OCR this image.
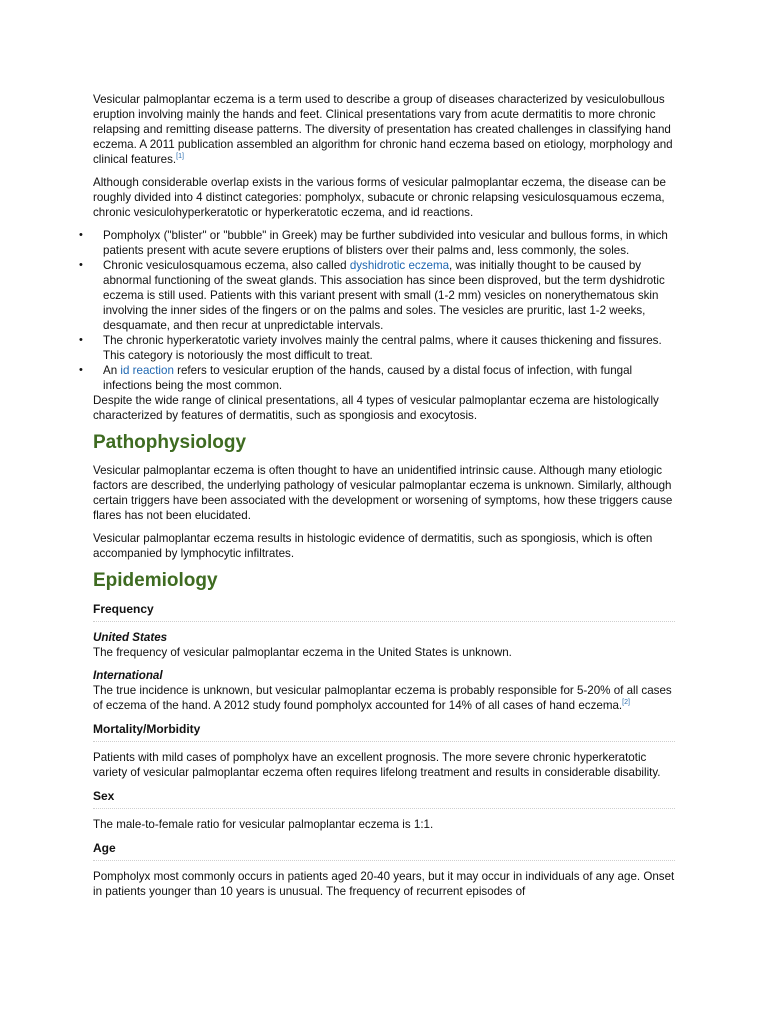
Vesicular palmoplantar eczema is a term used to describe a group of diseases characterized by vesiculobullous eruption involving mainly the hands and feet. Clinical presentations vary from acute dermatitis to more chronic relapsing and remitting disease patterns. The diversity of presentation has created challenges in classifying hand eczema. A 2011 publication assembled an algorithm for chronic hand eczema based on etiology, morphology and clinical features.[1]

Although considerable overlap exists in the various forms of vesicular palmoplantar eczema, the disease can be roughly divided into 4 distinct categories: pompholyx, subacute or chronic relapsing vesiculosquamous eczema, chronic vesiculohyperkeratotic or hyperkeratotic eczema, and id reactions.

• Pompholyx ("blister" or "bubble" in Greek) may be further subdivided into vesicular and bullous forms, in which patients present with acute severe eruptions of blisters over their palms and, less commonly, the soles.
• Chronic vesiculosquamous eczema, also called dyshidrotic eczema, was initially thought to be caused by abnormal functioning of the sweat glands. This association has since been disproved, but the term dyshidrotic eczema is still used. Patients with this variant present with small (1-2 mm) vesicles on nonerythematous skin involving the inner sides of the fingers or on the palms and soles. The vesicles are pruritic, last 1-2 weeks, desquamate, and then recur at unpredictable intervals.
• The chronic hyperkeratotic variety involves mainly the central palms, where it causes thickening and fissures. This category is notoriously the most difficult to treat.
• An id reaction refers to vesicular eruption of the hands, caused by a distal focus of infection, with fungal infections being the most common.

Despite the wide range of clinical presentations, all 4 types of vesicular palmoplantar eczema are histologically characterized by features of dermatitis, such as spongiosis and exocytosis.

Pathophysiology

Vesicular palmoplantar eczema is often thought to have an unidentified intrinsic cause. Although many etiologic factors are described, the underlying pathology of vesicular palmoplantar eczema is unknown. Similarly, although certain triggers have been associated with the development or worsening of symptoms, how these triggers cause flares has not been elucidated.

Vesicular palmoplantar eczema results in histologic evidence of dermatitis, such as spongiosis, which is often accompanied by lymphocytic infiltrates.

Epidemiology
Frequency
United States

The frequency of vesicular palmoplantar eczema in the United States is unknown.

International

The true incidence is unknown, but vesicular palmoplantar eczema is probably responsible for 5-20% of all cases of eczema of the hand. A 2012 study found pompholyx accounted for 14% of all cases of hand eczema.[2]

Mortality/Morbidity

Patients with mild cases of pompholyx have an excellent prognosis. The more severe chronic hyperkeratotic variety of vesicular palmoplantar eczema often requires lifelong treatment and results in considerable disability.

Sex

The male-to-female ratio for vesicular palmoplantar eczema is 1:1.

Age

Pompholyx most commonly occurs in patients aged 20-40 years, but it may occur in individuals of any age. Onset in patients younger than 10 years is unusual. The frequency of recurrent episodes of
